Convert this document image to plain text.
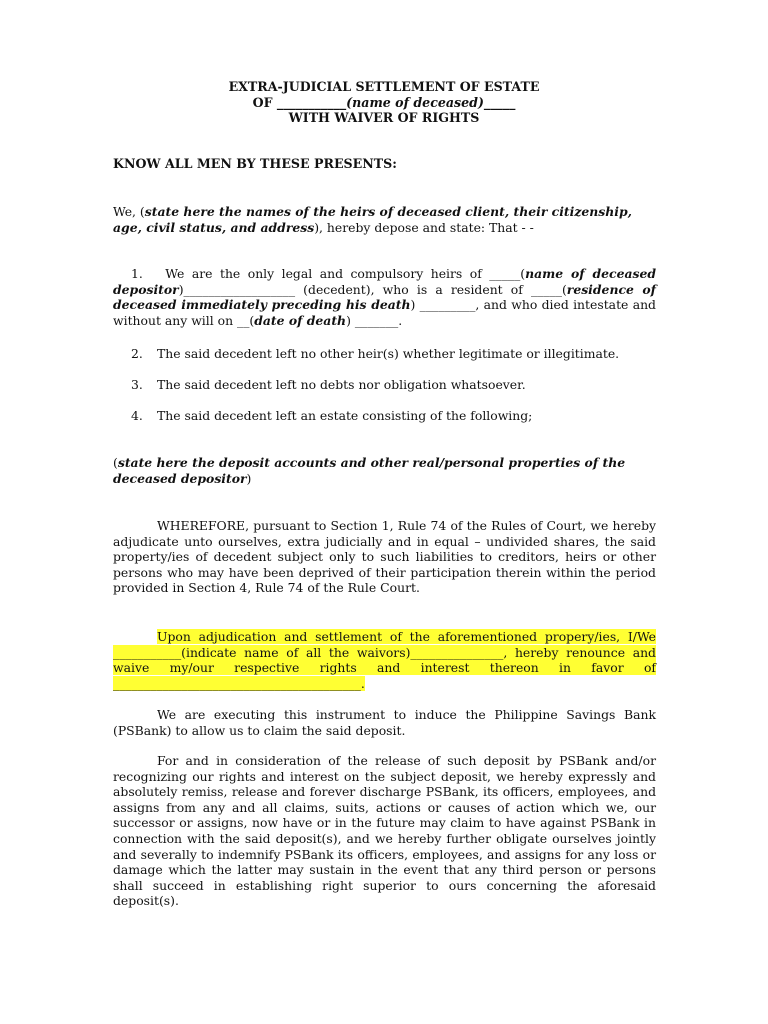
EXTRA-JUDICIAL SETTLEMENT OF ESTATE
OF ___________(name of deceased)_____
WITH WAIVER OF RIGHTS
KNOW ALL MEN BY THESE PRESENTS:
We, (state here the names of the heirs of deceased client, their citizenship, age, civil status, and address), hereby depose and state: That - -
1. We are the only legal and compulsory heirs of _____(name of deceased depositor)__________________ (decedent), who is a resident of _____(residence of deceased immediately preceding his death) _________, and who died intestate and without any will on __(date of death) _______.
2. The said decedent left no other heir(s) whether legitimate or illegitimate.
3. The said decedent left no debts nor obligation whatsoever.
4. The said decedent left an estate consisting of the following;
(state here the deposit accounts and other real/personal properties of the deceased depositor)
WHEREFORE, pursuant to Section 1, Rule 74 of the Rules of Court, we hereby adjudicate unto ourselves, extra judicially and in equal – undivided shares, the said property/ies of decedent subject only to such liabilities to creditors, heirs or other persons who may have been deprived of their participation therein within the period provided in Section 4, Rule 74 of the Rule Court.
Upon adjudication and settlement of the aforementioned propery/ies, I/We ___________(indicate name of all the waivors)_______________, hereby renounce and waive my/our respective rights and interest thereon in favor of ________________________________________.
We are executing this instrument to induce the Philippine Savings Bank (PSBank) to allow us to claim the said deposit.
For and in consideration of the release of such deposit by PSBank and/or recognizing our rights and interest on the subject deposit, we hereby expressly and absolutely remiss, release and forever discharge PSBank, its officers, employees, and assigns from any and all claims, suits, actions or causes of action which we, our successor or assigns, now have or in the future may claim to have against PSBank in connection with the said deposit(s), and we hereby further obligate ourselves jointly and severally to indemnify PSBank its officers, employees, and assigns for any loss or damage which the latter may sustain in the event that any third person or persons shall succeed in establishing right superior to ours concerning the aforesaid deposit(s).
